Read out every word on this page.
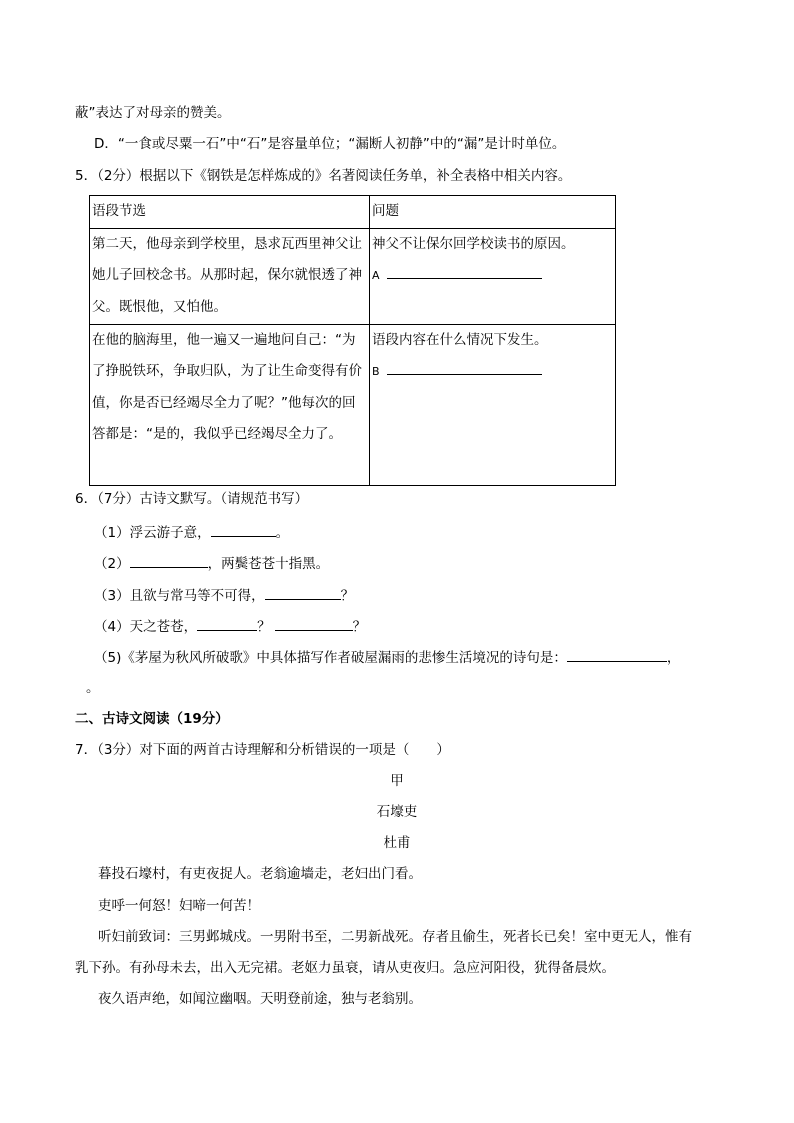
蔽”表达了对母亲的赞美。
D．“一食或尽粟一石”中“石”是容量单位；“漏断人初静”中的“漏”是计时单位。
5．（2分）根据以下《钢铁是怎样炼成的》名著阅读任务单，补全表格中相关内容。
语段节选	问题
第二天，他母亲到学校里，恳求瓦西里神父让她儿子回校念书。从那时起，保尔就恨透了神父。既恨他，又怕他。	神父不让保尔回学校读书的原因。
A

在他的脑海里，他一遍又一遍地问自己：“为了挣脱铁环，争取归队，为了让生命变得有价值，你是否已经竭尽全力了呢？”他每次的回答都是：“是的，我似乎已经竭尽全力了。	语段内容在什么情况下发生。
B
6．（7分）古诗文默写。（请规范书写）
（1）浮云游子意，	。
（2）	，两鬓苍苍十指黑。
（3）且欲与常马等不可得，	？
（4）天之苍苍，	？	？
（5)《茅屋为秋风所破歌》中具体描写作者破屋漏雨的悲惨生活境况的诗句是：	，
。
二、古诗文阅读（19分）
7．（3分）对下面的两首古诗理解和分析错误的一项是（　　）
甲
石壕吏
杜甫
暮投石壕村，有吏夜捉人。老翁逾墙走，老妇出门看。
吏呼一何怒！妇啼一何苦！
听妇前致词：三男邺城戍。一男附书至，二男新战死。存者且偷生，死者长已矣！室中更无人，惟有
乳下孙。有孙母未去，出入无完裙。老妪力虽衰，请从吏夜归。急应河阳役，犹得备晨炊。
夜久语声绝，如闻泣幽咽。天明登前途，独与老翁别。
